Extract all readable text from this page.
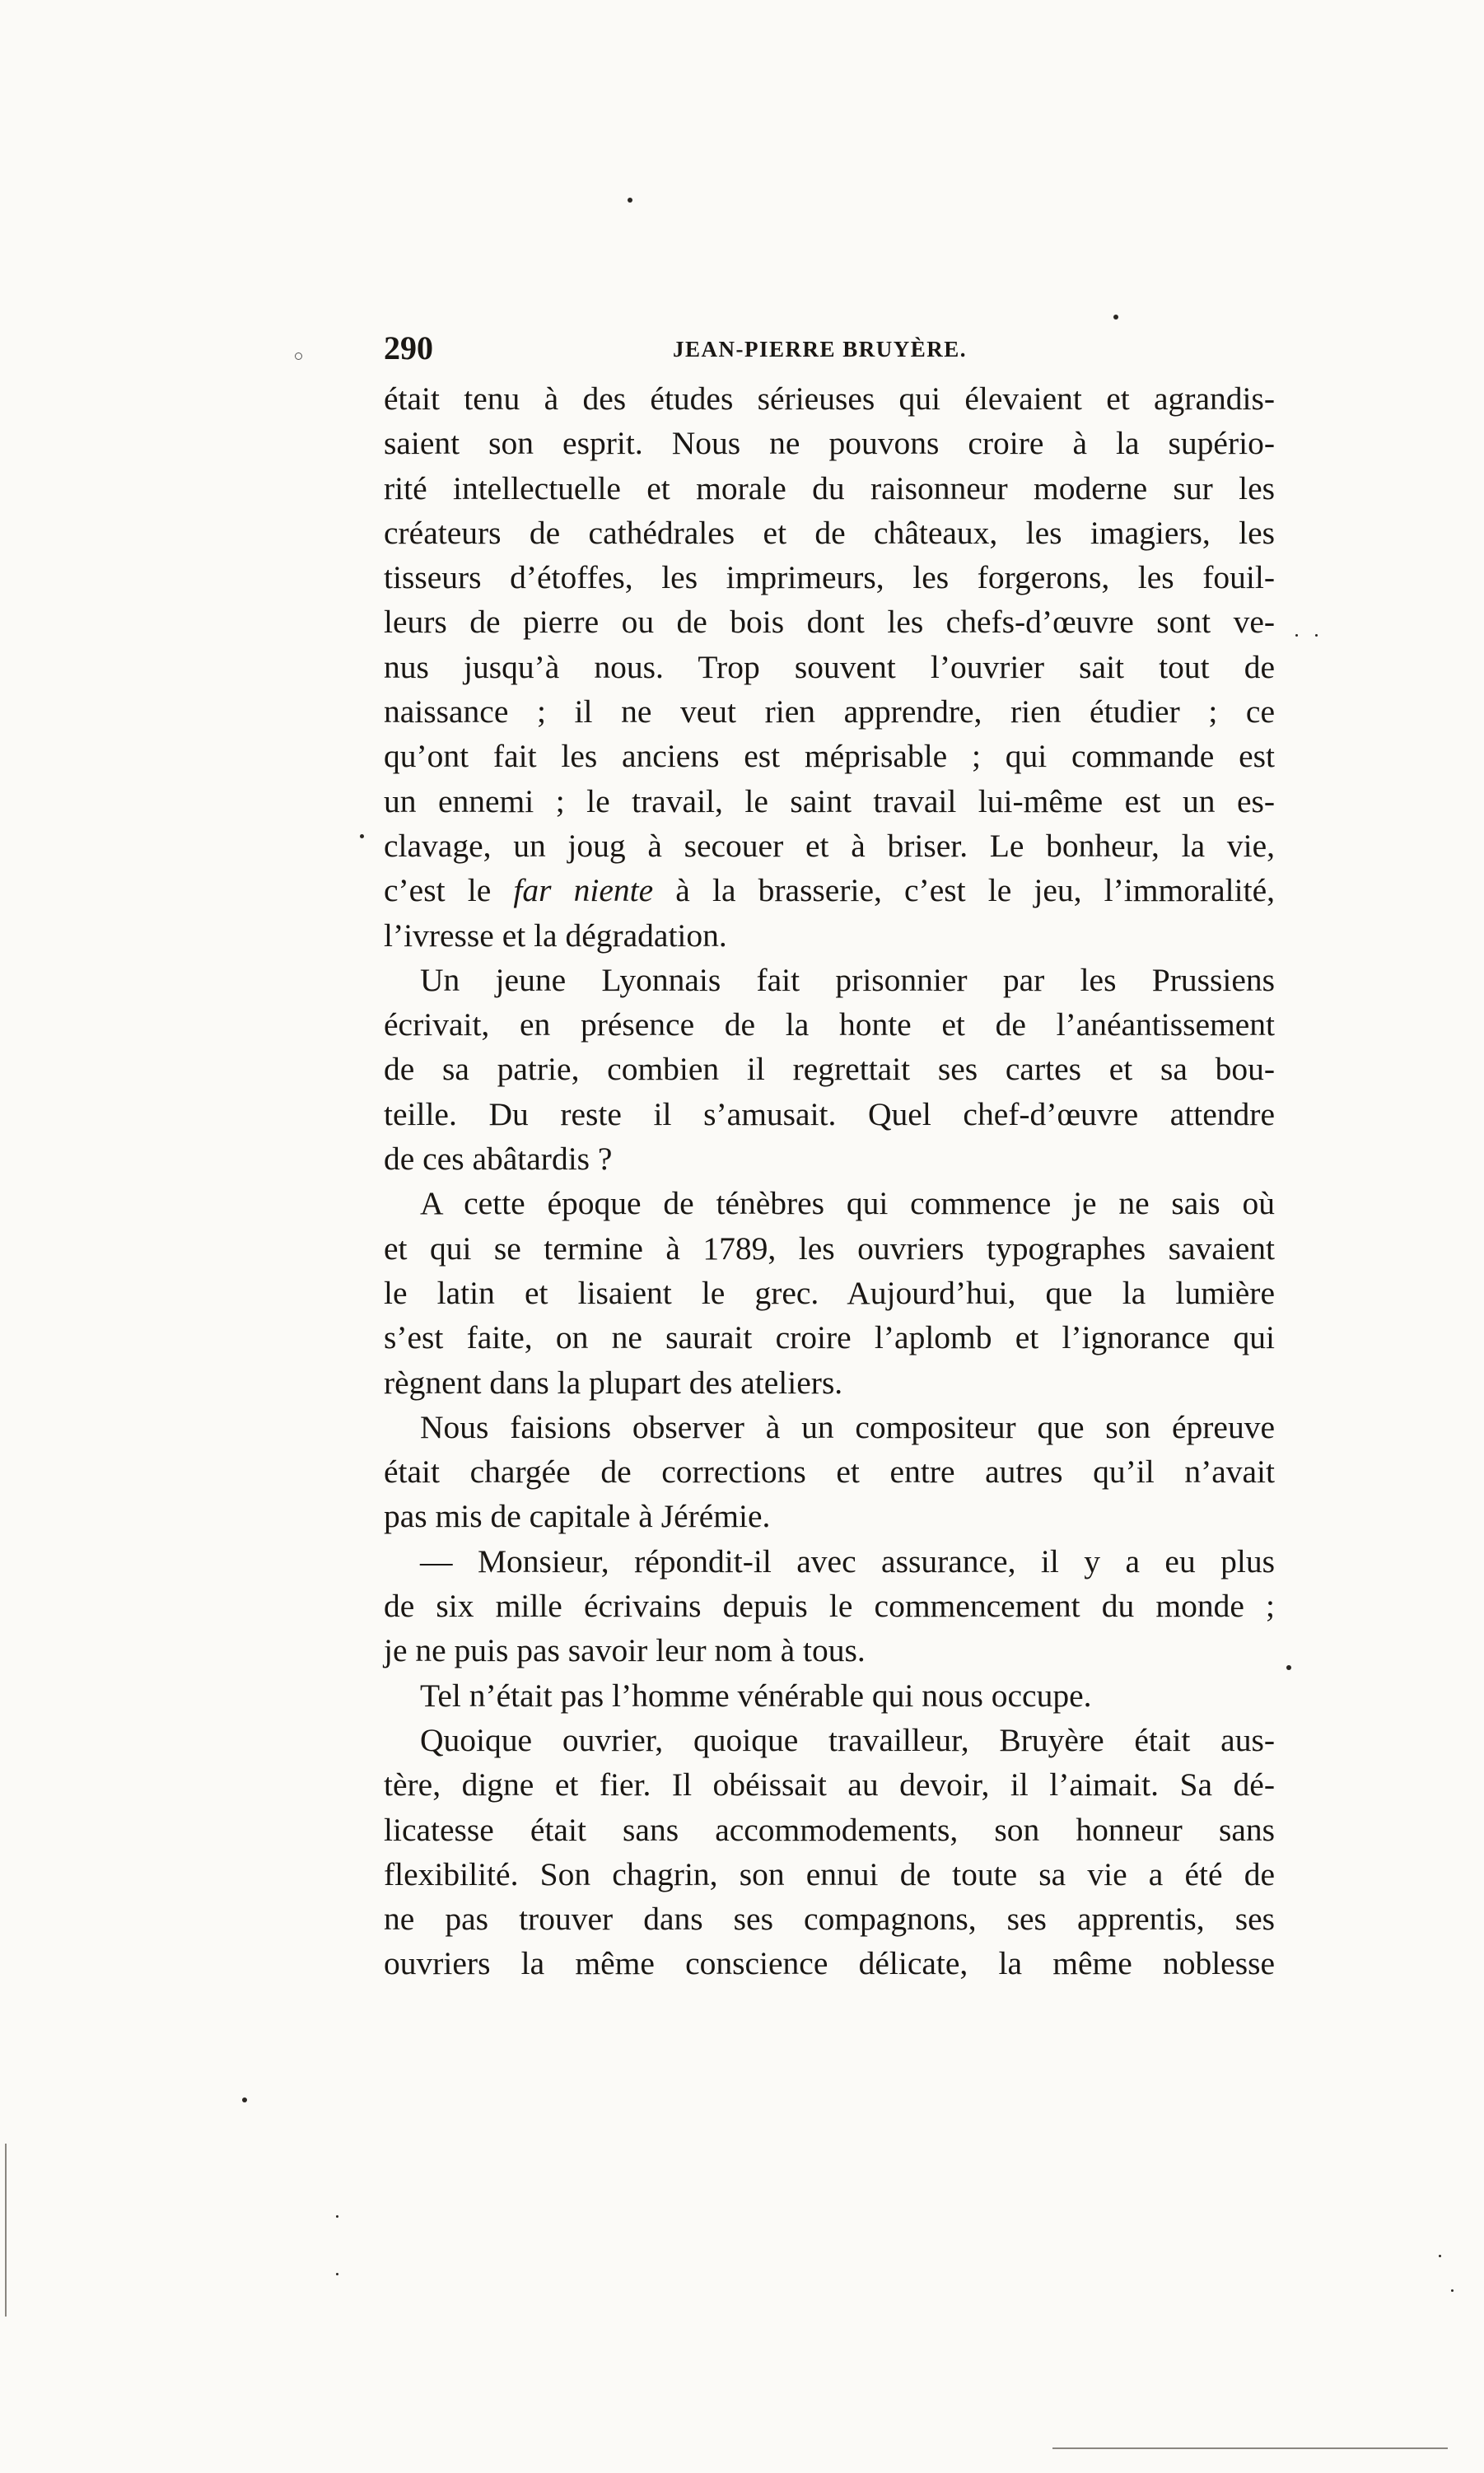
290	JEAN-PIERRE BRUYÈRE.
était tenu à des études sérieuses qui élevaient et agrandis-
saient son esprit. Nous ne pouvons croire à la supério-
rité intellectuelle et morale du raisonneur moderne sur les
créateurs de cathédrales et de châteaux, les imagiers, les
tisseurs d’étoffes, les imprimeurs, les forgerons, les fouil-
leurs de pierre ou de bois dont les chefs-d’œuvre sont ve-
nus jusqu’à nous. Trop souvent l’ouvrier sait tout de
naissance ; il ne veut rien apprendre, rien étudier ; ce
qu’ont fait les anciens est méprisable ; qui commande est
un ennemi ; le travail, le saint travail lui-même est un es-
clavage, un joug à secouer et à briser. Le bonheur, la vie,
c’est le far niente à la brasserie, c’est le jeu, l’immoralité,
l’ivresse et la dégradation.
Un jeune Lyonnais fait prisonnier par les Prussiens
écrivait, en présence de la honte et de l’anéantissement
de sa patrie, combien il regrettait ses cartes et sa bou-
teille. Du reste il s’amusait. Quel chef-d’œuvre attendre
de ces abâtardis ?
A cette époque de ténèbres qui commence je ne sais où
et qui se termine à 1789, les ouvriers typographes savaient
le latin et lisaient le grec. Aujourd’hui, que la lumière
s’est faite, on ne saurait croire l’aplomb et l’ignorance qui
règnent dans la plupart des ateliers.
Nous faisions observer à un compositeur que son épreuve
était chargée de corrections et entre autres qu’il n’avait
pas mis de capitale à Jérémie.
— Monsieur, répondit-il avec assurance, il y a eu plus
de six mille écrivains depuis le commencement du monde ;
je ne puis pas savoir leur nom à tous.
Tel n’était pas l’homme vénérable qui nous occupe.
Quoique ouvrier, quoique travailleur, Bruyère était aus-
tère, digne et fier. Il obéissait au devoir, il l’aimait. Sa dé-
licatesse était sans accommodements, son honneur sans
flexibilité. Son chagrin, son ennui de toute sa vie a été de
ne pas trouver dans ses compagnons, ses apprentis, ses
ouvriers la même conscience délicate, la même noblesse
